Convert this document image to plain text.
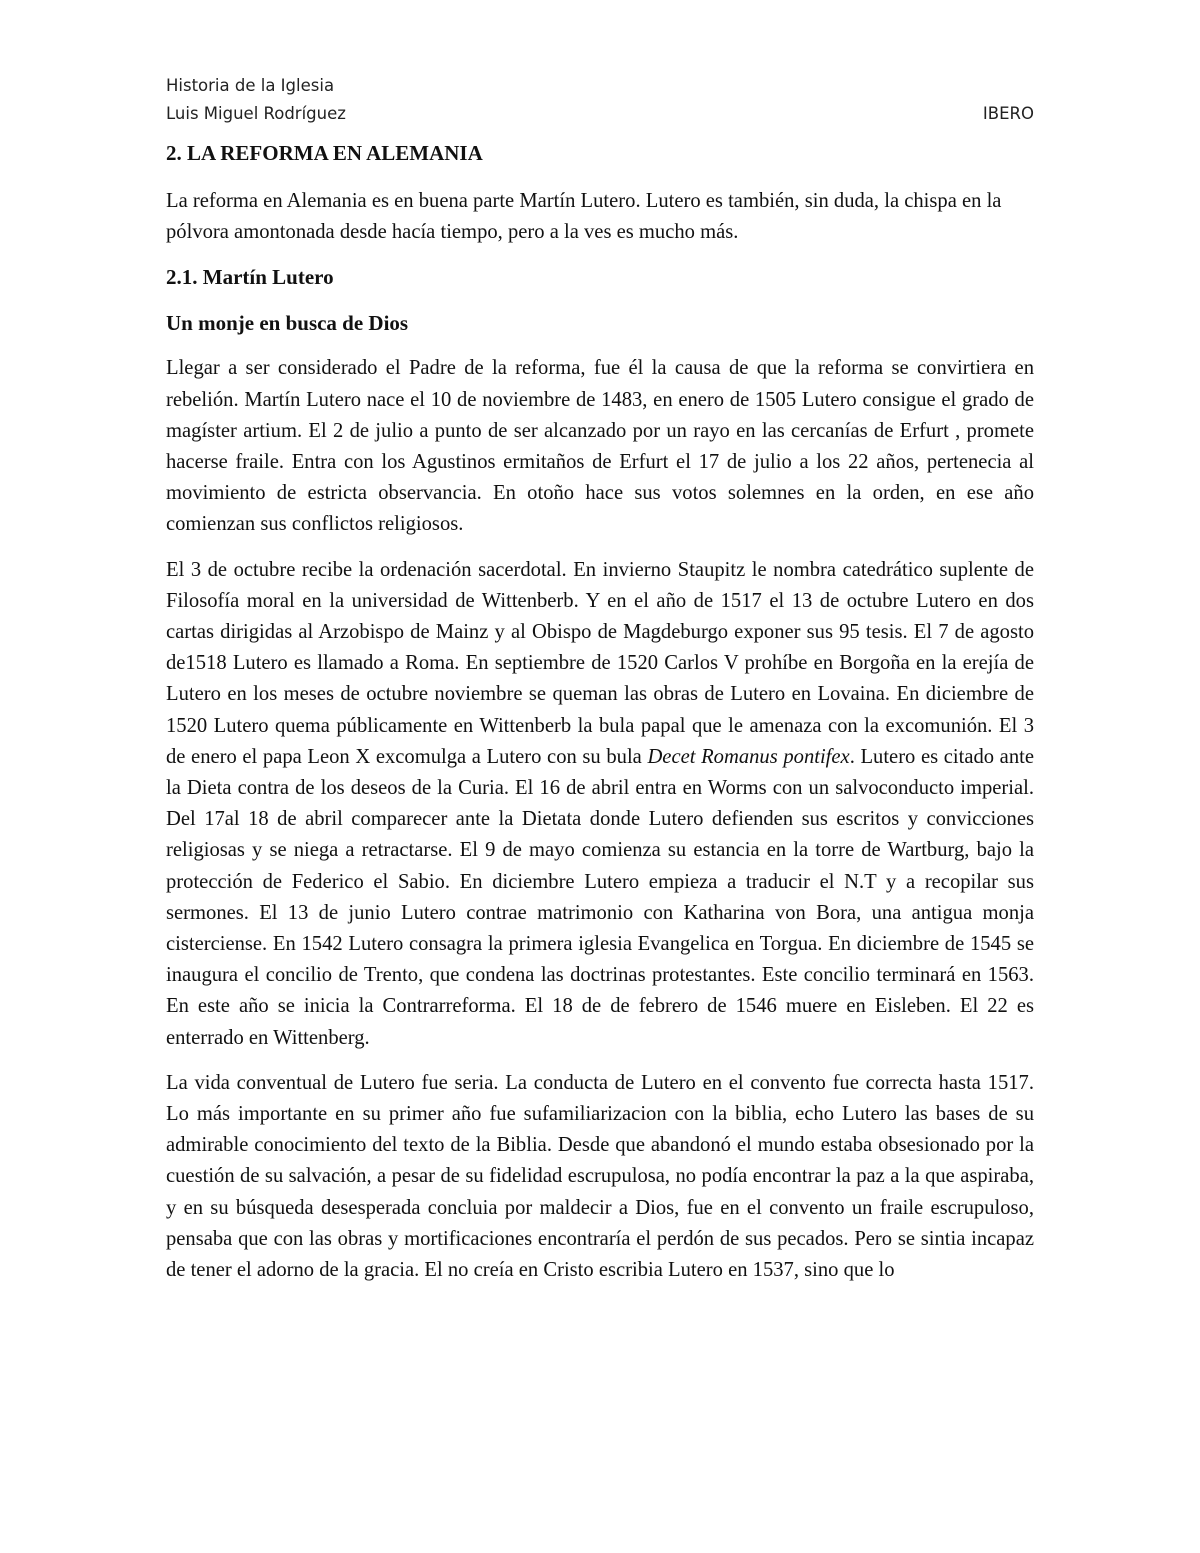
Historia de la Iglesia
Luis Miguel Rodríguez	IBERO
2. LA REFORMA EN ALEMANIA

La reforma en Alemania es en buena parte Martín Lutero. Lutero es también, sin duda, la chispa en la pólvora amontonada desde hacía tiempo, pero a la ves es mucho más.

2.1. Martín Lutero
Un monje en busca de Dios

Llegar a ser considerado el Padre de la reforma, fue él la causa de que la reforma se convirtiera en rebelión. Martín Lutero nace el 10 de noviembre de 1483, en enero de 1505 Lutero consigue el grado de magíster artium. El 2 de julio a punto de ser alcanzado por un rayo en las cercanías de Erfurt , promete hacerse fraile. Entra con los Agustinos ermitaños de Erfurt el 17 de julio a los 22 años, pertenecia al movimiento de estricta observancia. En otoño hace sus votos solemnes en la orden, en ese año comienzan sus conflictos religiosos.

El 3 de octubre recibe la ordenación sacerdotal. En invierno Staupitz le nombra catedrático suplente de Filosofía moral en la universidad de Wittenberb. Y en el año de 1517 el 13 de octubre Lutero en dos cartas dirigidas al Arzobispo de Mainz y al Obispo de Magdeburgo exponer sus 95 tesis. El 7 de agosto de1518 Lutero es llamado a Roma. En septiembre de 1520 Carlos V prohíbe en Borgoña en la erejía de Lutero en los meses de octubre noviembre se queman las obras de Lutero en Lovaina. En diciembre de 1520 Lutero quema públicamente en Wittenberb la bula papal que le amenaza con la excomunión. El 3 de enero el papa Leon X excomulga a Lutero con su bula Decet Romanus pontifex. Lutero es citado ante la Dieta contra de los deseos de la Curia. El 16 de abril entra en Worms con un salvoconducto imperial. Del 17al 18 de abril comparecer ante la Dietata donde Lutero defienden sus escritos y convicciones religiosas y se niega a retractarse. El 9 de mayo comienza su estancia en la torre de Wartburg, bajo la protección de Federico el Sabio. En diciembre Lutero empieza a traducir el N.T y a recopilar sus sermones. El 13 de junio Lutero contrae matrimonio con Katharina von Bora, una antigua monja cisterciense. En 1542 Lutero consagra la primera iglesia Evangelica en Torgua. En diciembre de 1545 se inaugura el concilio de Trento, que condena las doctrinas protestantes. Este concilio terminará en 1563. En este año se inicia la Contrarreforma. El 18 de de febrero de 1546 muere en Eisleben. El 22 es enterrado en Wittenberg.

La vida conventual de Lutero fue seria. La conducta de Lutero en el convento fue correcta hasta 1517. Lo más importante en su primer año fue sufamiliarizacion con la biblia, echo Lutero las bases de su admirable conocimiento del texto de la Biblia. Desde que abandonó el mundo estaba obsesionado por la cuestión de su salvación, a pesar de su fidelidad escrupulosa, no podía encontrar la paz a la que aspiraba, y en su búsqueda desesperada concluia por maldecir a Dios, fue en el convento un fraile escrupuloso, pensaba que con las obras y mortificaciones encontraría el perdón de sus pecados. Pero se sintia incapaz de tener el adorno de la gracia. El no creía en Cristo escribia Lutero en 1537, sino que lo
